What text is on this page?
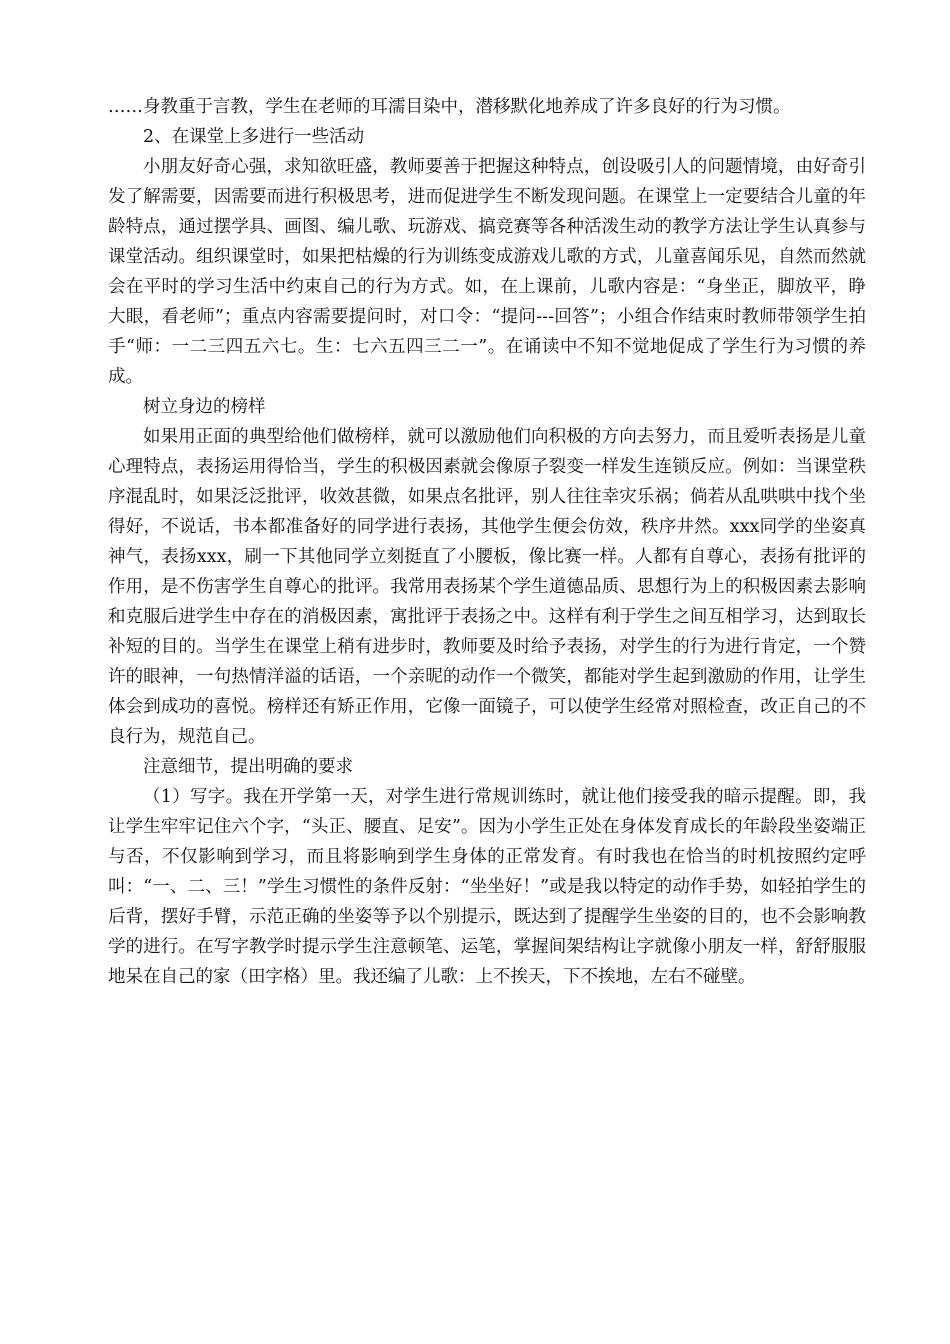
……身教重于言教，学生在老师的耳濡目染中，潜移默化地养成了许多良好的行为习惯。

2、在课堂上多进行一些活动

小朋友好奇心强，求知欲旺盛，教师要善于把握这种特点，创设吸引人的问题情境，由好奇引发了解需要，因需要而进行积极思考，进而促进学生不断发现问题。在课堂上一定要结合儿童的年龄特点，通过摆学具、画图、编儿歌、玩游戏、搞竞赛等各种活泼生动的教学方法让学生认真参与课堂活动。组织课堂时，如果把枯燥的行为训练变成游戏儿歌的方式，儿童喜闻乐见，自然而然就会在平时的学习生活中约束自己的行为方式。如，在上课前，儿歌内容是：“身坐正，脚放平，睁大眼，看老师”；重点内容需要提问时，对口令：“提问---回答”；小组合作结束时教师带领学生拍手“师：一二三四五六七。生：七六五四三二一”。在诵读中不知不觉地促成了学生行为习惯的养成。

树立身边的榜样

如果用正面的典型给他们做榜样，就可以激励他们向积极的方向去努力，而且爱听表扬是儿童心理特点，表扬运用得恰当，学生的积极因素就会像原子裂变一样发生连锁反应。例如：当课堂秩序混乱时，如果泛泛批评，收效甚微，如果点名批评，别人往往幸灾乐祸；倘若从乱哄哄中找个坐得好，不说话，书本都准备好的同学进行表扬，其他学生便会仿效，秩序井然。xxx同学的坐姿真神气，表扬xxx，刷一下其他同学立刻挺直了小腰板，像比赛一样。人都有自尊心，表扬有批评的作用，是不伤害学生自尊心的批评。我常用表扬某个学生道德品质、思想行为上的积极因素去影响和克服后进学生中存在的消极因素，寓批评于表扬之中。这样有利于学生之间互相学习，达到取长补短的目的。当学生在课堂上稍有进步时，教师要及时给予表扬，对学生的行为进行肯定，一个赞许的眼神，一句热情洋溢的话语，一个亲昵的动作一个微笑，都能对学生起到激励的作用，让学生体会到成功的喜悦。榜样还有矫正作用，它像一面镜子，可以使学生经常对照检查，改正自己的不良行为，规范自己。

注意细节，提出明确的要求

（1）写字。我在开学第一天，对学生进行常规训练时，就让他们接受我的暗示提醒。即，我让学生牢牢记住六个字，“头正、腰直、足安”。因为小学生正处在身体发育成长的年龄段坐姿端正与否，不仅影响到学习，而且将影响到学生身体的正常发育。有时我也在恰当的时机按照约定呼叫：“一、二、三！”学生习惯性的条件反射：“坐坐好！”或是我以特定的动作手势，如轻拍学生的后背，摆好手臂，示范正确的坐姿等予以个别提示，既达到了提醒学生坐姿的目的，也不会影响教学的进行。在写字教学时提示学生注意顿笔、运笔，掌握间架结构让字就像小朋友一样，舒舒服服地呆在自己的家（田字格）里。我还编了儿歌：上不挨天，下不挨地，左右不碰壁。
